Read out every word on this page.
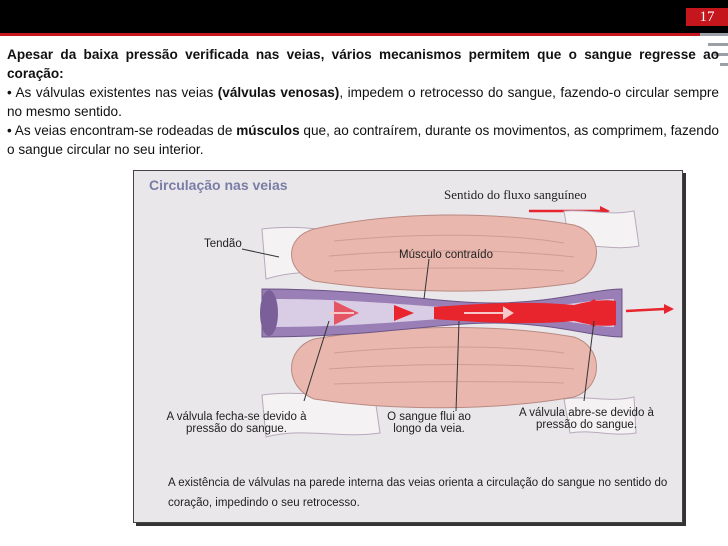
17

Apesar da baixa pressão verificada nas veias, vários mecanismos permitem que o sangue regresse ao coração:

• As válvulas existentes nas veias (válvulas venosas), impedem o retrocesso do sangue, fazendo-o circular sempre no mesmo sentido.

• As veias encontram-se rodeadas de músculos que, ao contraírem, durante os movimentos, as comprimem, fazendo o sangue circular no seu interior.

Circulação nas veias
Sentido do fluxo sanguíneo
Tendão
Músculo contraído
A válvula fecha-se devido à pressão do sangue.
O sangue flui ao longo da veia.
A válvula abre-se devido à pressão do sangue.
A existência de válvulas na parede interna das veias orienta a circulação do sangue no sentido do coração, impedindo o seu retrocesso.
